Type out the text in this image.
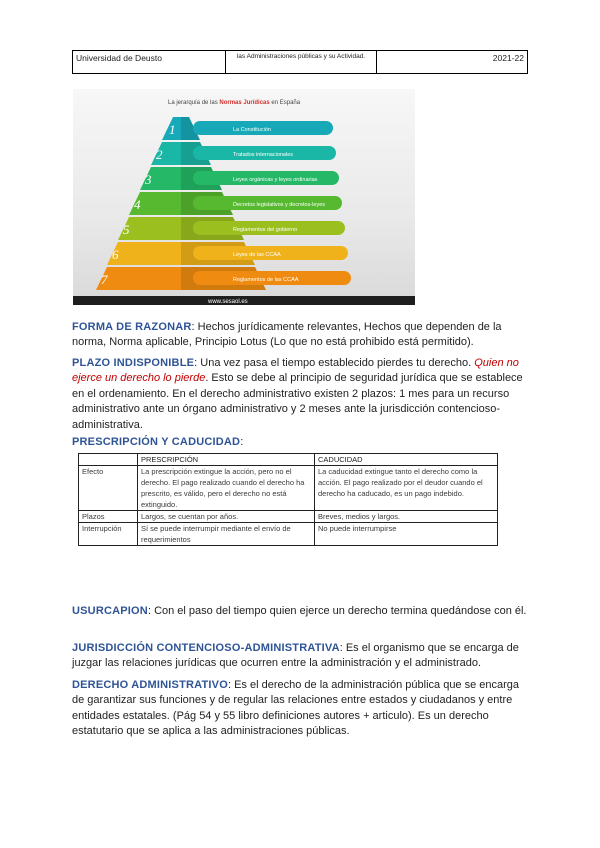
Universidad de Deusto	las Administraciones públicas y su Actividad.	2021-22
La jerarquía de las Normas Jurídicas en España
1	La Constitución
2	Tratados internacionales
3	Leyes orgánicas y leyes ordinarias
4	Decretos legislativos y decretos-leyes
5	Reglamentos del gobierno
6	Leyes de las CCAA
7	Reglamentos de las CCAA
www.sesaol.es
FORMA DE RAZONAR: Hechos jurídicamente relevantes, Hechos que dependen de la norma, Norma aplicable, Principio Lotus (Lo que no está prohibido está permitido).
PLAZO INDISPONIBLE: Una vez pasa el tiempo establecido pierdes tu derecho. Quien no ejerce un derecho lo pierde. Esto se debe al principio de seguridad jurídica que se establece en el ordenamiento. En el derecho administrativo existen 2 plazos: 1 mes para un recurso administrativo ante un órgano administrativo y 2 meses ante la jurisdicción contencioso-administrativa.
PRESCRIPCIÓN Y CADUCIDAD:
	PRESCRIPCIÓN	CADUCIDAD
Efecto	La prescripción extingue la acción, pero no el derecho. El pago realizado cuando el derecho ha prescrito, es válido, pero el derecho no está extinguido.	La caducidad extingue tanto el derecho como la acción. El pago realizado por el deudor cuando el derecho ha caducado, es un pago indebido.
Plazos	Largos, se cuentan por años.	Breves, medios y largos.
Interrupción	Sí se puede interrumpir mediante el envío de requerimientos	No puede interrumpirse
USURCAPION: Con el paso del tiempo quien ejerce un derecho termina quedándose con él.
JURISDICCIÓN CONTENCIOSO-ADMINISTRATIVA: Es el organismo que se encarga de juzgar las relaciones jurídicas que ocurren entre la administración y el administrado.
DERECHO ADMINISTRATIVO: Es el derecho de la administración pública que se encarga de garantizar sus funciones y de regular las relaciones entre estados y ciudadanos y entre entidades estatales. (Pág 54 y 55 libro definiciones autores + articulo). Es un derecho estatutario que se aplica a las administraciones públicas.
